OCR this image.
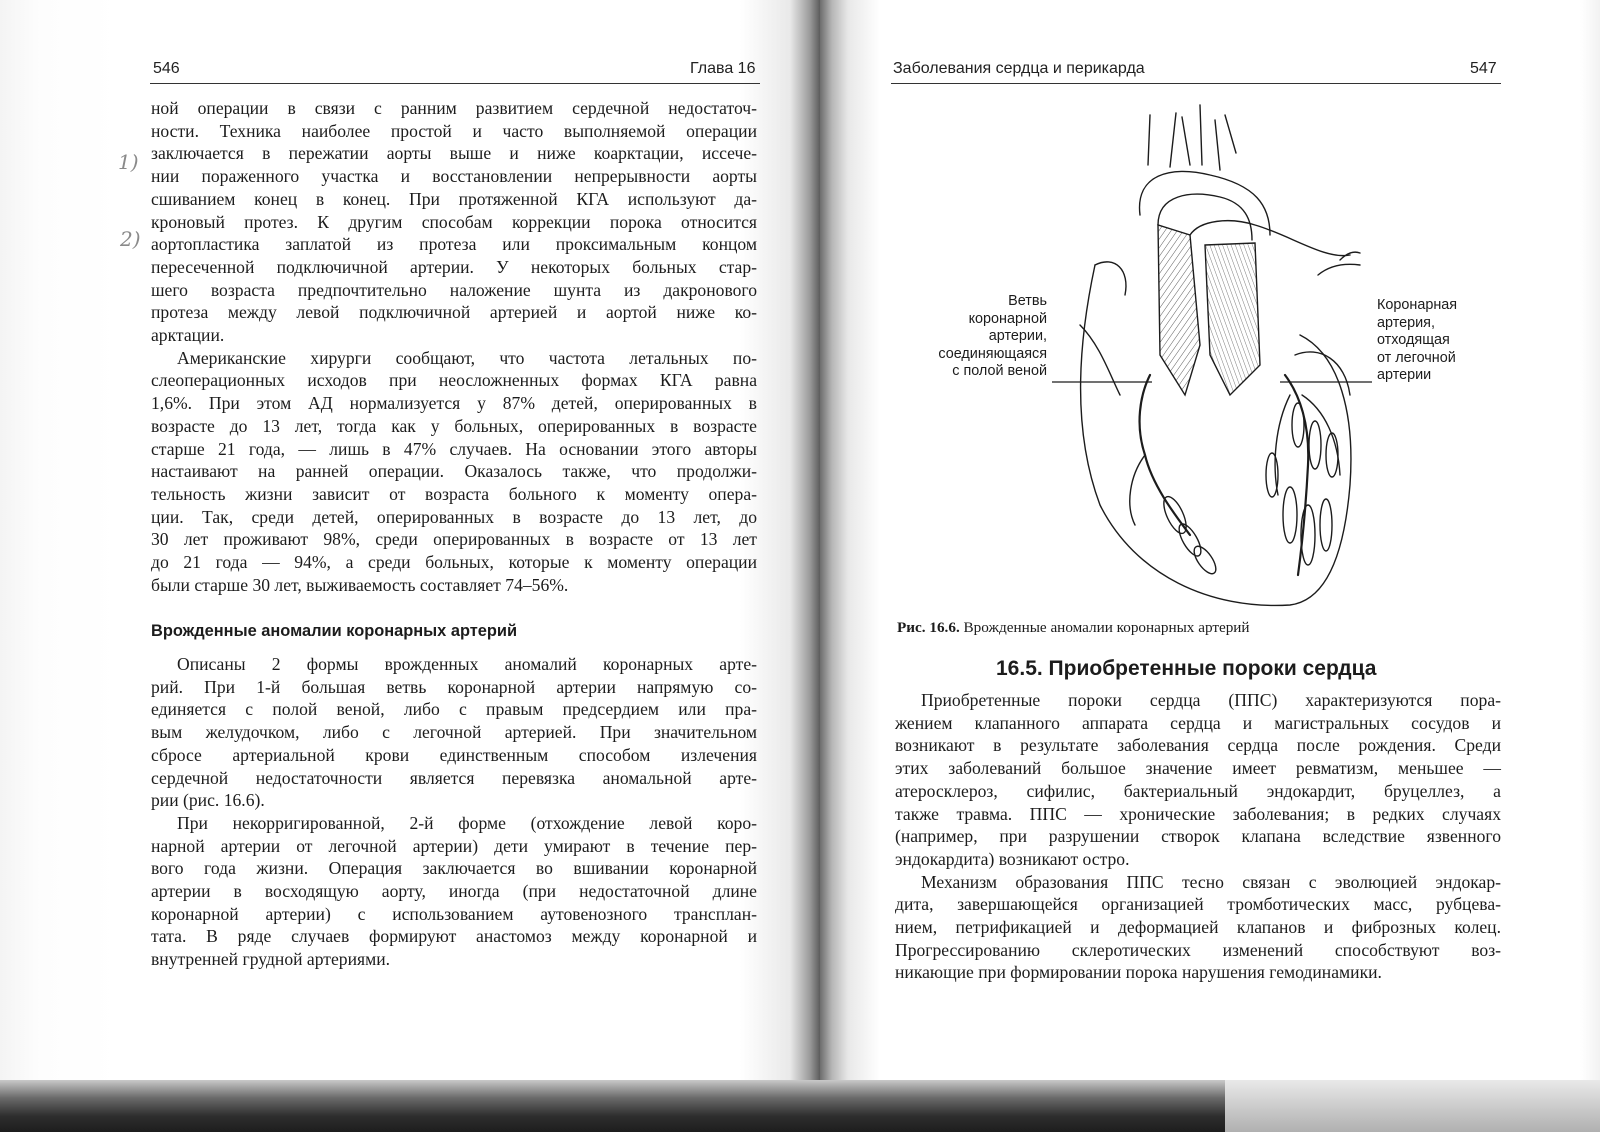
546	Глава 16
1)
2)

ной операции в связи с ранним развитием сердечной недостаточ-
ности. Техника наиболее простой и часто выполняемой операции
заключается в пережатии аорты выше и ниже коарктации, иссече-
нии пораженного участка и восстановлении непрерывности аорты
сшиванием конец в конец. При протяженной КГА используют да-
кроновый протез. К другим способам коррекции порока относится
аортопластика заплатой из протеза или проксимальным концом
пересеченной подключичной артерии. У некоторых больных стар-
шего возраста предпочтительно наложение шунта из дакронового
протеза между левой подключичной артерией и аортой ниже ко-
арктации.

Американские хирурги сообщают, что частота летальных по-
слеоперационных исходов при неосложненных формах КГА равна
1,6%. При этом АД нормализуется у 87% детей, оперированных в
возрасте до 13 лет, тогда как у больных, оперированных в возрасте
старше 21 года, — лишь в 47% случаев. На основании этого авторы
настаивают на ранней операции. Оказалось также, что продолжи-
тельность жизни зависит от возраста больного к моменту опера-
ции. Так, среди детей, оперированных в возрасте до 13 лет, до
30 лет проживают 98%, среди оперированных в возрасте от 13 лет
до 21 года — 94%, а среди больных, которые к моменту операции
были старше 30 лет, выживаемость составляет 74–56%.

Врожденные аномалии коронарных артерий

Описаны 2 формы врожденных аномалий коронарных арте-
рий. При 1-й большая ветвь коронарной артерии напрямую со-
единяется с полой веной, либо с правым предсердием или пра-
вым желудочком, либо с легочной артерией. При значительном
сбросе артериальной крови единственным способом излечения
сердечной недостаточности является перевязка аномальной арте-
рии (рис. 16.6).

При некорригированной, 2-й форме (отхождение левой коро-
нарной артерии от легочной артерии) дети умирают в течение пер-
вого года жизни. Операция заключается во вшивании коронарной
артерии в восходящую аорту, иногда (при недостаточной длине
коронарной артерии) с использованием аутовенозного трансплан-
тата. В ряде случаев формируют анастомоз между коронарной и
внутренней грудной артериями.

Заболевания сердца и перикарда	547
Ветвь
коронарной
артерии,
соединяющаяся
с полой веной
Коронарная
артерия,
отходящая
от легочной
артерии
Рис. 16.6. Врожденные аномалии коронарных артерий
16.5. Приобретенные пороки сердца

Приобретенные пороки сердца (ППС) характеризуются пора-
жением клапанного аппарата сердца и магистральных сосудов и
возникают в результате заболевания сердца после рождения. Среди
этих заболеваний большое значение имеет ревматизм, меньшее —
атеросклероз, сифилис, бактериальный эндокардит, бруцеллез, а
также травма. ППС — хронические заболевания; в редких случаях
(например, при разрушении створок клапана вследствие язвенного
эндокардита) возникают остро.

Механизм образования ППС тесно связан с эволюцией эндокар-
дита, завершающейся организацией тромботических масс, рубцева-
нием, петрификацией и деформацией клапанов и фиброзных колец.
Прогрессированию склеротических изменений способствуют воз-
никающие при формировании порока нарушения гемодинамики.
